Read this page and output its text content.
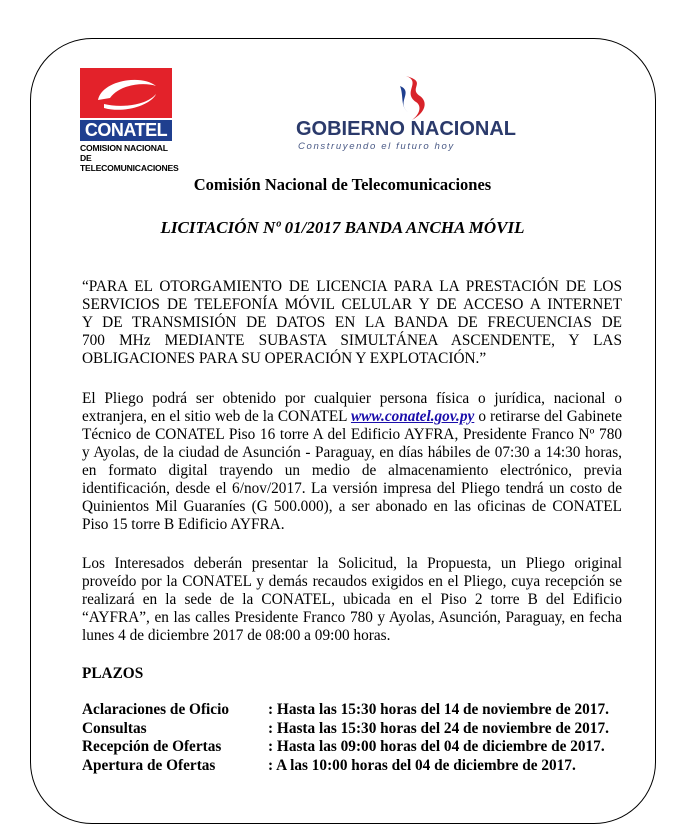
CONATEL
COMISION NACIONAL DE
TELECOMUNICACIONES
GOBIERNO NACIONAL
Construyendo el futuro hoy
Comisión Nacional de Telecomunicaciones
LICITACIÓN Nº 01/2017 BANDA ANCHA MÓVIL
“PARA EL OTORGAMIENTO DE LICENCIA PARA LA PRESTACIÓN DE LOS
SERVICIOS DE TELEFONÍA MÓVIL CELULAR Y DE ACCESO A INTERNET
Y DE TRANSMISIÓN DE DATOS EN LA BANDA DE FRECUENCIAS DE
700 MHz MEDIANTE SUBASTA SIMULTÁNEA ASCENDENTE, Y LAS
OBLIGACIONES PARA SU OPERACIÓN Y EXPLOTACIÓN.”
El Pliego podrá ser obtenido por cualquier persona física o jurídica, nacional o extranjera, en el sitio web de la CONATEL www.conatel.gov.py o retirarse del Gabinete Técnico de CONATEL Piso 16 torre A del Edificio AYFRA, Presidente Franco Nº 780 y Ayolas, de la ciudad de Asunción - Paraguay, en días hábiles de 07:30 a 14:30 horas, en formato digital trayendo un medio de almacenamiento electrónico, previa identificación, desde el 6/nov/2017. La versión impresa del Pliego tendrá un costo de Quinientos Mil Guaraníes (G 500.000), a ser abonado en las oficinas de CONATEL Piso 15 torre B Edificio AYFRA.
Los Interesados deberán presentar la Solicitud, la Propuesta, un Pliego original proveído por la CONATEL y demás recaudos exigidos en el Pliego, cuya recepción se realizará en la sede de la CONATEL, ubicada en el Piso 2 torre B del Edificio “AYFRA”, en las calles Presidente Franco 780 y Ayolas, Asunción, Paraguay, en fecha lunes 4 de diciembre 2017 de 08:00 a 09:00 horas.
PLAZOS
Aclaraciones de Oficio	: Hasta las 15:30 horas del 14 de noviembre de 2017.
Consultas	: Hasta las 15:30 horas del 24 de noviembre de 2017.
Recepción de Ofertas	: Hasta las 09:00 horas del 04 de diciembre de 2017.
Apertura de Ofertas	: A las 10:00 horas del 04 de diciembre de 2017.
